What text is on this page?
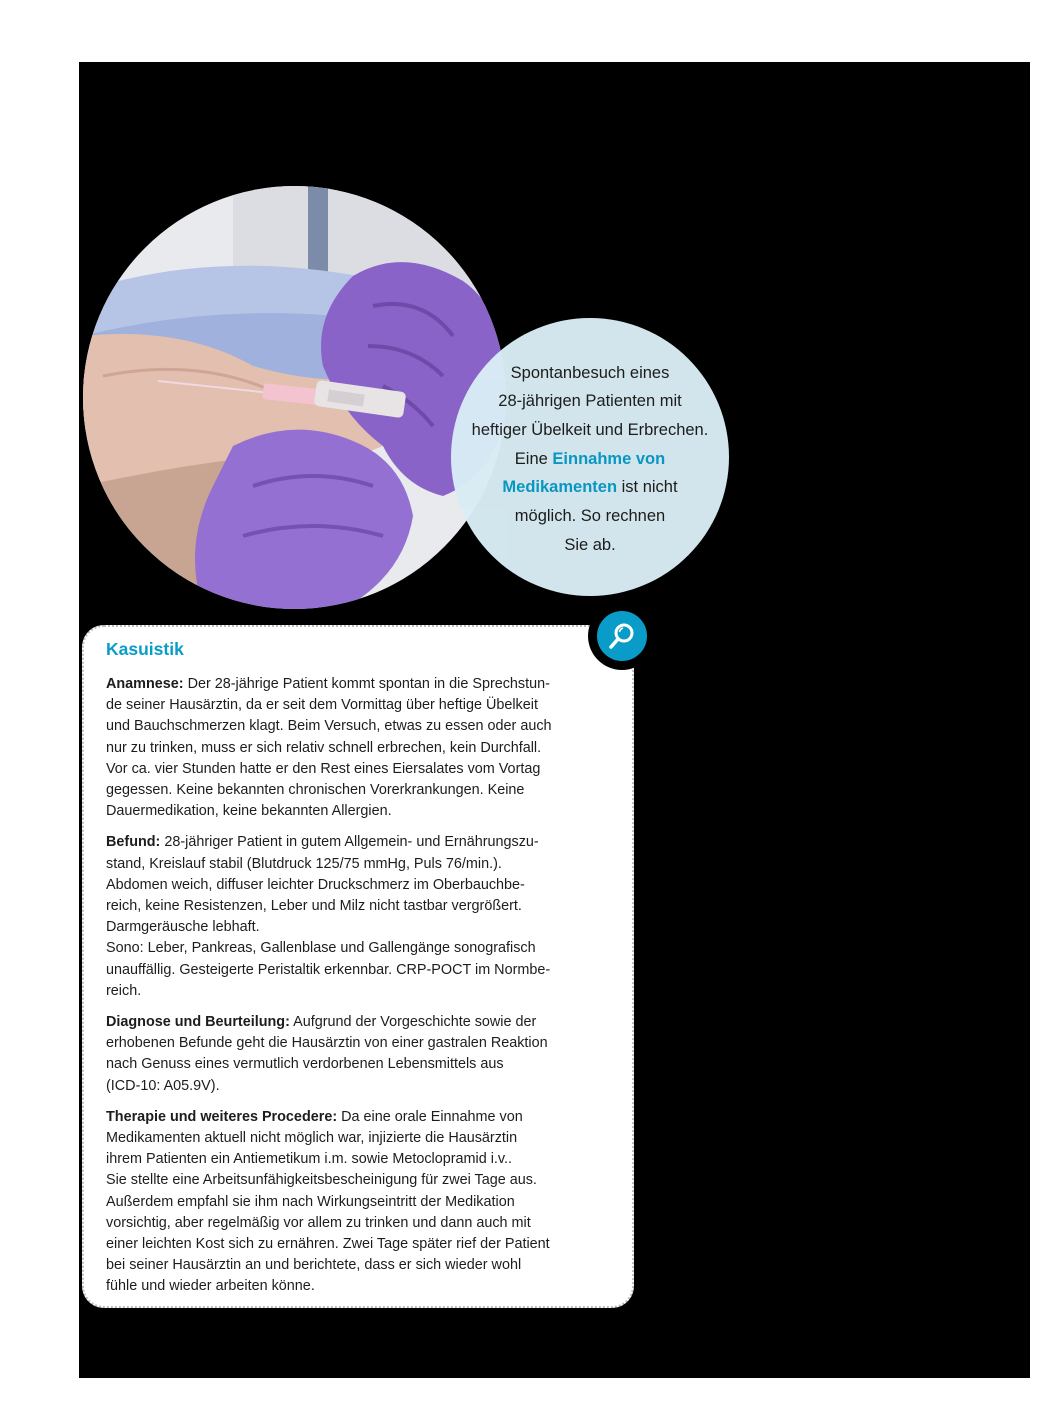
Spontanbesuch eines
28-jährigen Patienten mit
heftiger Übelkeit und Erbrechen.
Eine Einnahme von
Medikamenten ist nicht
möglich. So rechnen
Sie ab.
Kasuistik

Anamnese: Der 28-jährige Patient kommt spontan in die Sprechstun-
de seiner Hausärztin, da er seit dem Vormittag über heftige Übelkeit
und Bauchschmerzen klagt. Beim Versuch, etwas zu essen oder auch
nur zu trinken, muss er sich relativ schnell erbrechen, kein Durchfall.
Vor ca. vier Stunden hatte er den Rest eines Eiersalates vom Vortag
gegessen. Keine bekannten chronischen Vorerkrankungen. Keine
Dauermedikation, keine bekannten Allergien.

Befund: 28-jähriger Patient in gutem Allgemein- und Ernährungszu-
stand, Kreislauf stabil (Blutdruck 125/75 mmHg, Puls 76/min.).
Abdomen weich, diffuser leichter Druckschmerz im Oberbauchbe-
reich, keine Resistenzen, Leber und Milz nicht tastbar vergrößert.
Darmgeräusche lebhaft.
Sono: Leber, Pankreas, Gallenblase und Gallengänge sonografisch
unauffällig. Gesteigerte Peristaltik erkennbar. CRP-POCT im Normbe-
reich.

Diagnose und Beurteilung: Aufgrund der Vorgeschichte sowie der
erhobenen Befunde geht die Hausärztin von einer gastralen Reaktion
nach Genuss eines vermutlich verdorbenen Lebensmittels aus
(ICD-10: A05.9V).

Therapie und weiteres Procedere: Da eine orale Einnahme von
Medikamenten aktuell nicht möglich war, injizierte die Hausärztin
ihrem Patienten ein Antiemetikum i.m. sowie Metoclopramid i.v..
Sie stellte eine Arbeitsunfähigkeitsbescheinigung für zwei Tage aus.
Außerdem empfahl sie ihm nach Wirkungseintritt der Medikation
vorsichtig, aber regelmäßig vor allem zu trinken und dann auch mit
einer leichten Kost sich zu ernähren. Zwei Tage später rief der Patient
bei seiner Hausärztin an und berichtete, dass er sich wieder wohl
fühle und wieder arbeiten könne.
